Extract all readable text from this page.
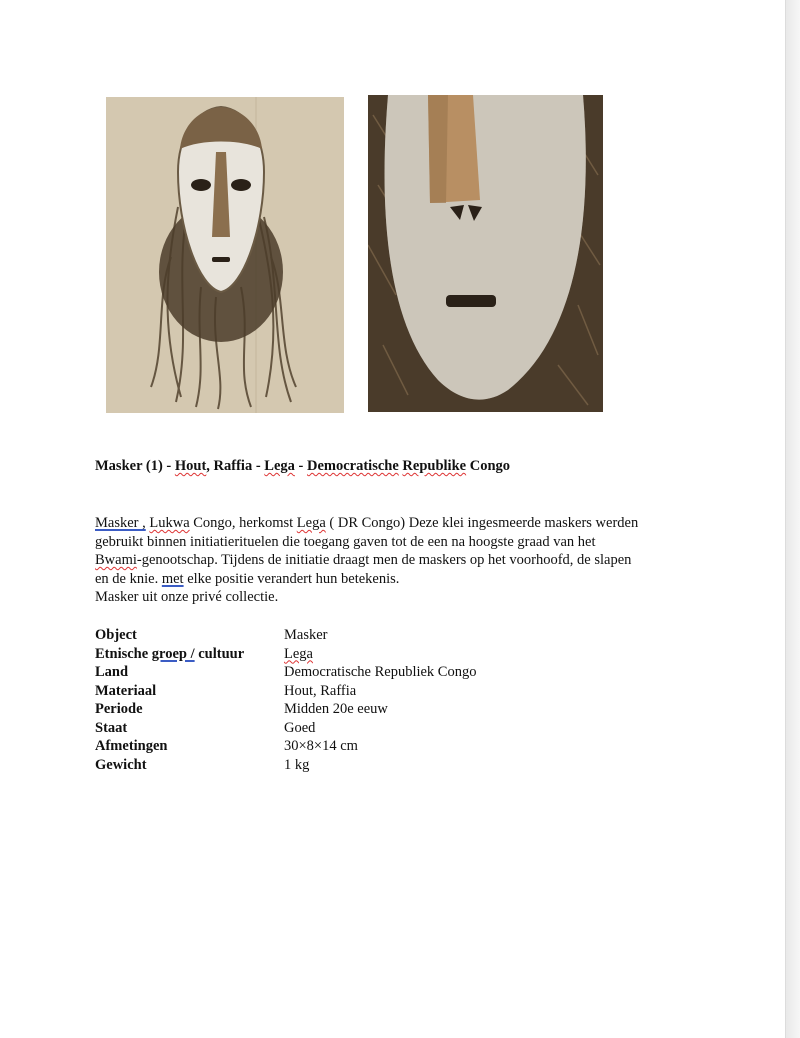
Masker (1) - Hout, Raffia - Lega - Democratische Republike Congo

Masker , Lukwa Congo, herkomst Lega ( DR Congo) Deze klei ingesmeerde maskers werden

gebruikt binnen initiatierituelen die toegang gaven tot de een na hoogste graad van het

Bwami-genootschap. Tijdens de initiatie draagt men de maskers op het voorhoofd, de slapen

en de knie. met elke positie verandert hun betekenis.

Masker uit onze privé collectie.

Object	Masker
Etnische groep / cultuur	Lega
Land	Democratische Republiek Congo
Materiaal	Hout, Raffia
Periode	Midden 20e eeuw
Staat	Goed
Afmetingen	30×8×14 cm
Gewicht	1 kg
